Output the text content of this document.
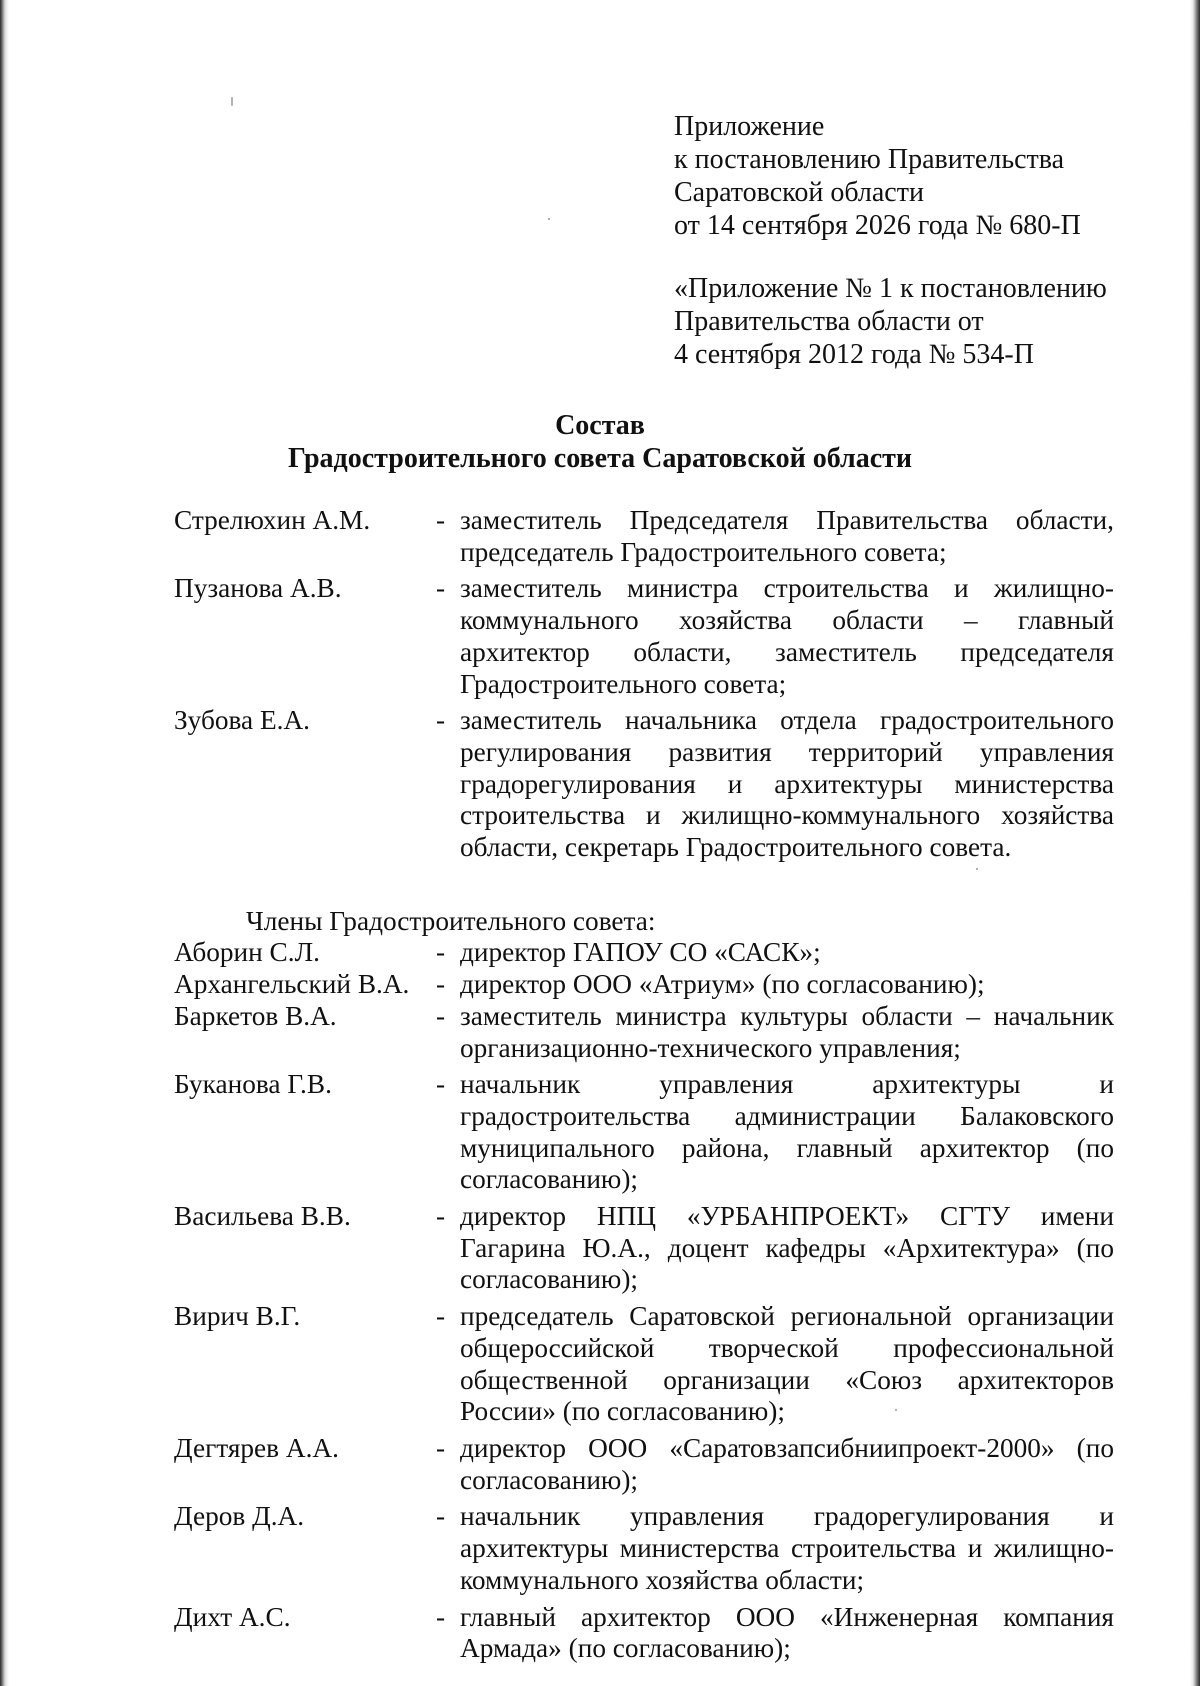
Приложение
к постановлению Правительства
Саратовской области
от 14 сентября 2026 года № 680-П
«Приложение № 1 к постановлению
Правительства области от
4 сентября 2012 года № 534-П
Состав
Градостроительного совета Саратовской области
Стрелюхин А.М.	- заместитель Председателя Правительства области, председатель Градостроительного совета;
Пузанова А.В.	- заместитель министра строительства и жилищно-коммунального хозяйства области – главный архитектор области, заместитель председателя Градостроительного совета;
Зубова Е.А.	- заместитель начальника отдела градостроительного регулирования развития территорий управления градорегулирования и архитектуры министерства строительства и жилищно-коммунального хозяйства области, секретарь Градостроительного совета.
Члены Градостроительного совета:
Аборин С.Л.	- директор ГАПОУ СО «САСК»;
Архангельский В.А. - директор ООО «Атриум» (по согласованию);
Баркетов В.А.	- заместитель министра культуры области – начальник организационно-технического управления;
Буканова Г.В.	- начальник управления архитектуры и градостроительства администрации Балаковского муниципального района, главный архитектор (по согласованию);
Васильева В.В.	- директор НПЦ «УРБАНПРОЕКТ» СГТУ имени Гагарина Ю.А., доцент кафедры «Архитектура» (по согласованию);
Вирич В.Г.	- председатель Саратовской региональной организации общероссийской творческой профессиональной общественной организации «Союз архитекторов России» (по согласованию);
Дегтярев А.А.	- директор ООО «Саратовзапсибниипроект-2000» (по согласованию);
Деров Д.А.	- начальник управления градорегулирования и архитектуры министерства строительства и жилищно-коммунального хозяйства области;
Дихт А.С.	- главный архитектор ООО «Инженерная компания Армада» (по согласованию);
